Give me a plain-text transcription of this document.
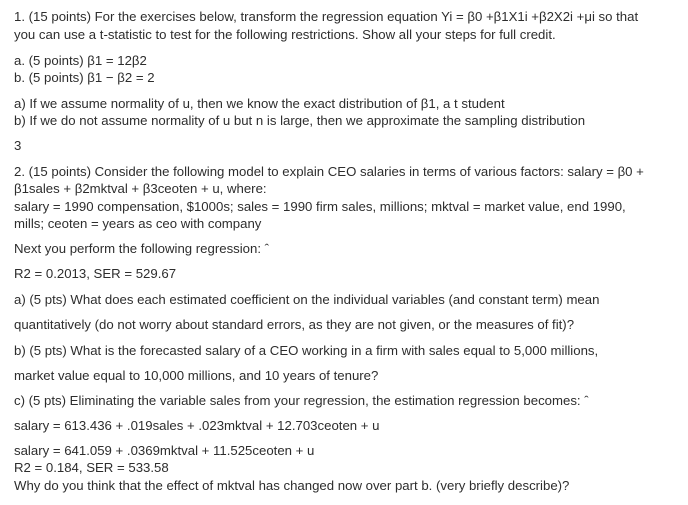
1. (15 points) For the exercises below, transform the regression equation Yi = β0 +β1X1i +β2X2i +μi so that
you can use a t-statistic to test for the following restrictions. Show all your steps for full credit.
a. (5 points) β1 = 12β2
b. (5 points) β1 − β2 = 2
a) If we assume normality of u, then we know the exact distribution of β1, a t student
b) If we do not assume normality of u but n is large, then we approximate the sampling distribution
3
2. (15 points) Consider the following model to explain CEO salaries in terms of various factors: salary = β0 +
β1sales + β2mktval + β3ceoten + u, where:
salary = 1990 compensation, $1000s; sales = 1990 firm sales, millions; mktval = market value, end 1990,
mills; ceoten = years as ceo with company
Next you perform the following regression: ˆ
R2 = 0.2013, SER = 529.67
a) (5 pts) What does each estimated coefficient on the individual variables (and constant term) mean
quantitatively (do not worry about standard errors, as they are not given, or the measures of fit)?
b) (5 pts) What is the forecasted salary of a CEO working in a firm with sales equal to 5,000 millions,
market value equal to 10,000 millions, and 10 years of tenure?
c) (5 pts) Eliminating the variable sales from your regression, the estimation regression becomes: ˆ
salary = 613.436 + .019sales + .023mktval + 12.703ceoten + u
salary = 641.059 + .0369mktval + 11.525ceoten + u
R2 = 0.184, SER = 533.58
Why do you think that the effect of mktval has changed now over part b. (very briefly describe)?
